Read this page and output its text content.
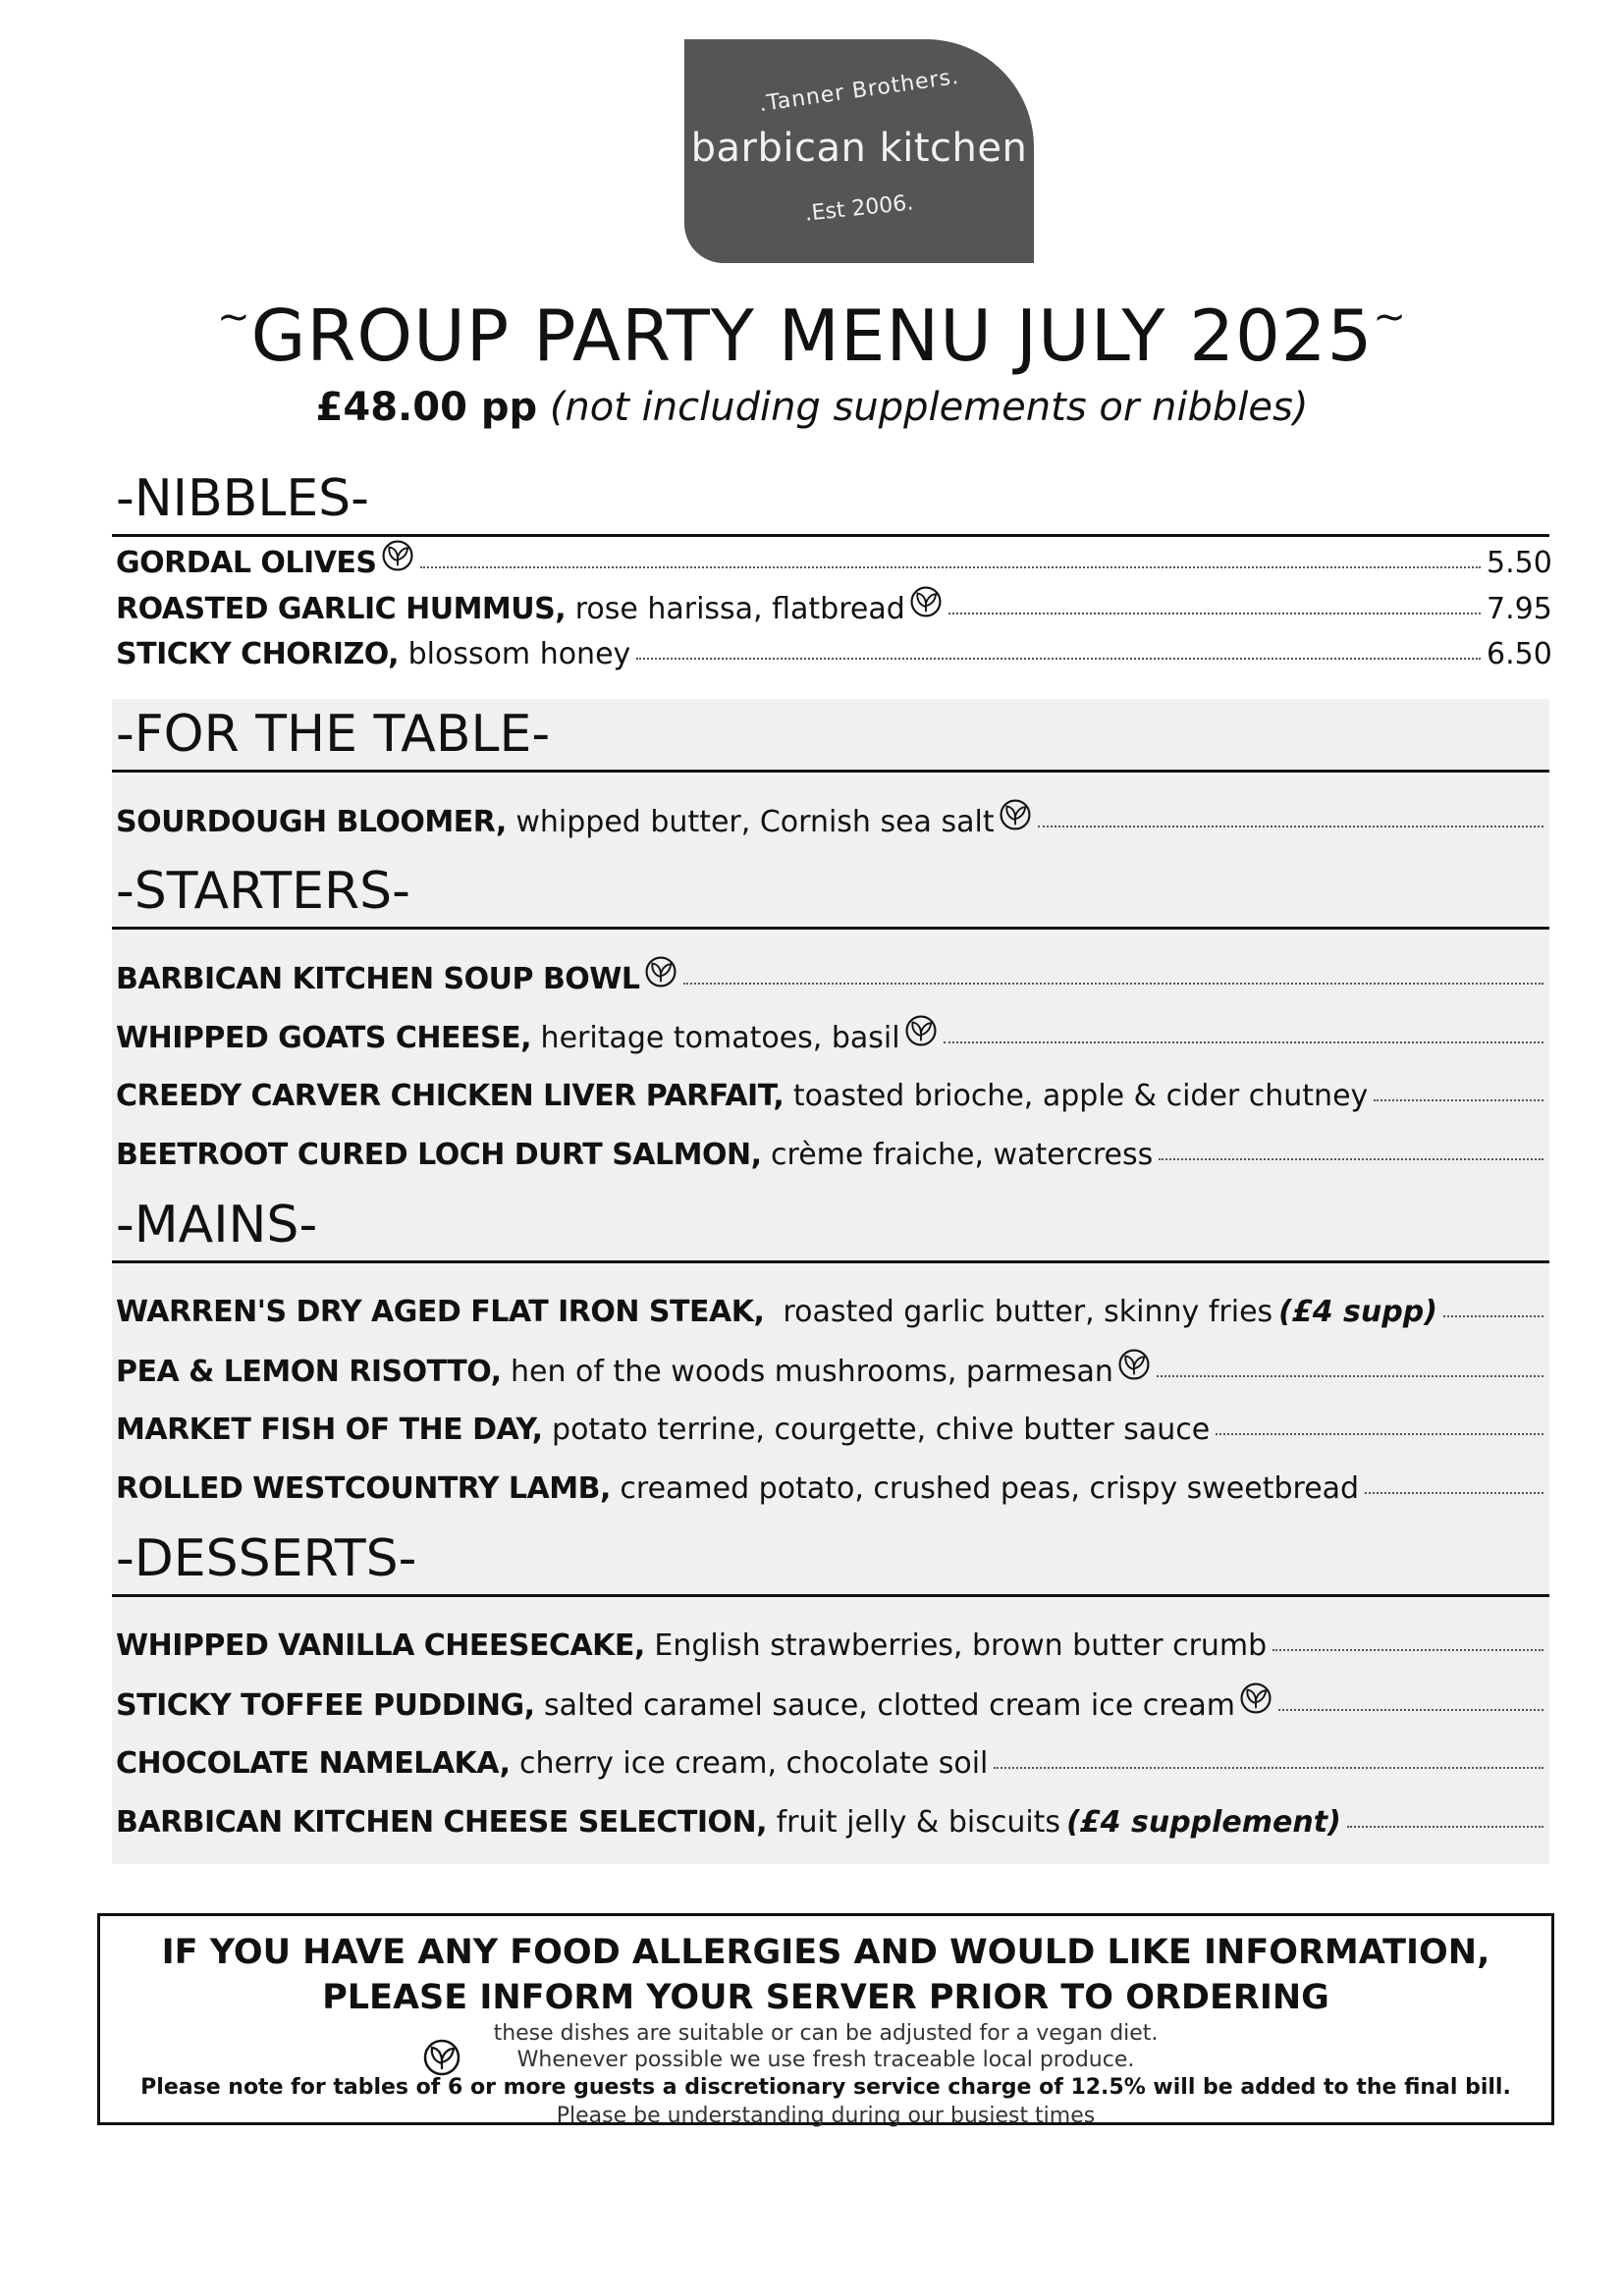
.Tanner Brothers.
barbican kitchen
.Est 2006.
~GROUP PARTY MENU JULY 2025~
£48.00 pp (not including supplements or nibbles)
-NIBBLES-
GORDAL OLIVES	5.50
ROASTED GARLIC HUMMUS, rose harissa, flatbread	7.95
STICKY CHORIZO, blossom honey	6.50
-FOR THE TABLE-
SOURDOUGH BLOOMER, whipped butter, Cornish sea salt
-STARTERS-
BARBICAN KITCHEN SOUP BOWL
WHIPPED GOATS CHEESE, heritage tomatoes, basil
CREEDY CARVER CHICKEN LIVER PARFAIT, toasted brioche, apple & cider chutney
BEETROOT CURED LOCH DURT SALMON, crème fraiche, watercress
-MAINS-
WARREN'S DRY AGED FLAT IRON STEAK, roasted garlic butter, skinny fries (£4 supp)
PEA & LEMON RISOTTO, hen of the woods mushrooms, parmesan
MARKET FISH OF THE DAY, potato terrine, courgette, chive butter sauce
ROLLED WESTCOUNTRY LAMB, creamed potato, crushed peas, crispy sweetbread
-DESSERTS-
WHIPPED VANILLA CHEESECAKE, English strawberries, brown butter crumb
STICKY TOFFEE PUDDING, salted caramel sauce, clotted cream ice cream
CHOCOLATE NAMELAKA, cherry ice cream, chocolate soil
BARBICAN KITCHEN CHEESE SELECTION, fruit jelly & biscuits (£4 supplement)
IF YOU HAVE ANY FOOD ALLERGIES AND WOULD LIKE INFORMATION,
PLEASE INFORM YOUR SERVER PRIOR TO ORDERING
these dishes are suitable or can be adjusted for a vegan diet.
Whenever possible we use fresh traceable local produce.
Please note for tables of 6 or more guests a discretionary service charge of 12.5% will be added to the final bill.
Please be understanding during our busiest times
